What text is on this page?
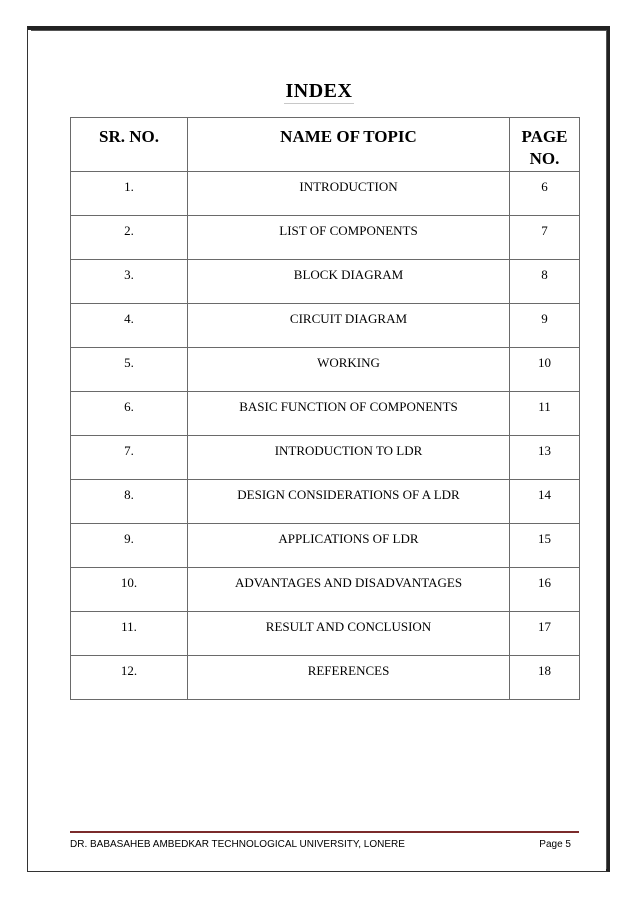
INDEX
SR. NO.	NAME OF TOPIC	PAGE NO.
1.	INTRODUCTION	6
2.	LIST OF COMPONENTS	7
3.	BLOCK DIAGRAM	8
4.	CIRCUIT DIAGRAM	9
5.	WORKING	10
6.	BASIC FUNCTION OF COMPONENTS	11
7.	INTRODUCTION TO LDR	13
8.	DESIGN CONSIDERATIONS OF A LDR	14
9.	APPLICATIONS OF LDR	15
10.	ADVANTAGES AND DISADVANTAGES	16
11.	RESULT AND CONCLUSION	17
12.	REFERENCES	18
DR. BABASAHEB AMBEDKAR TECHNOLOGICAL UNIVERSITY, LONERE	Page 5
